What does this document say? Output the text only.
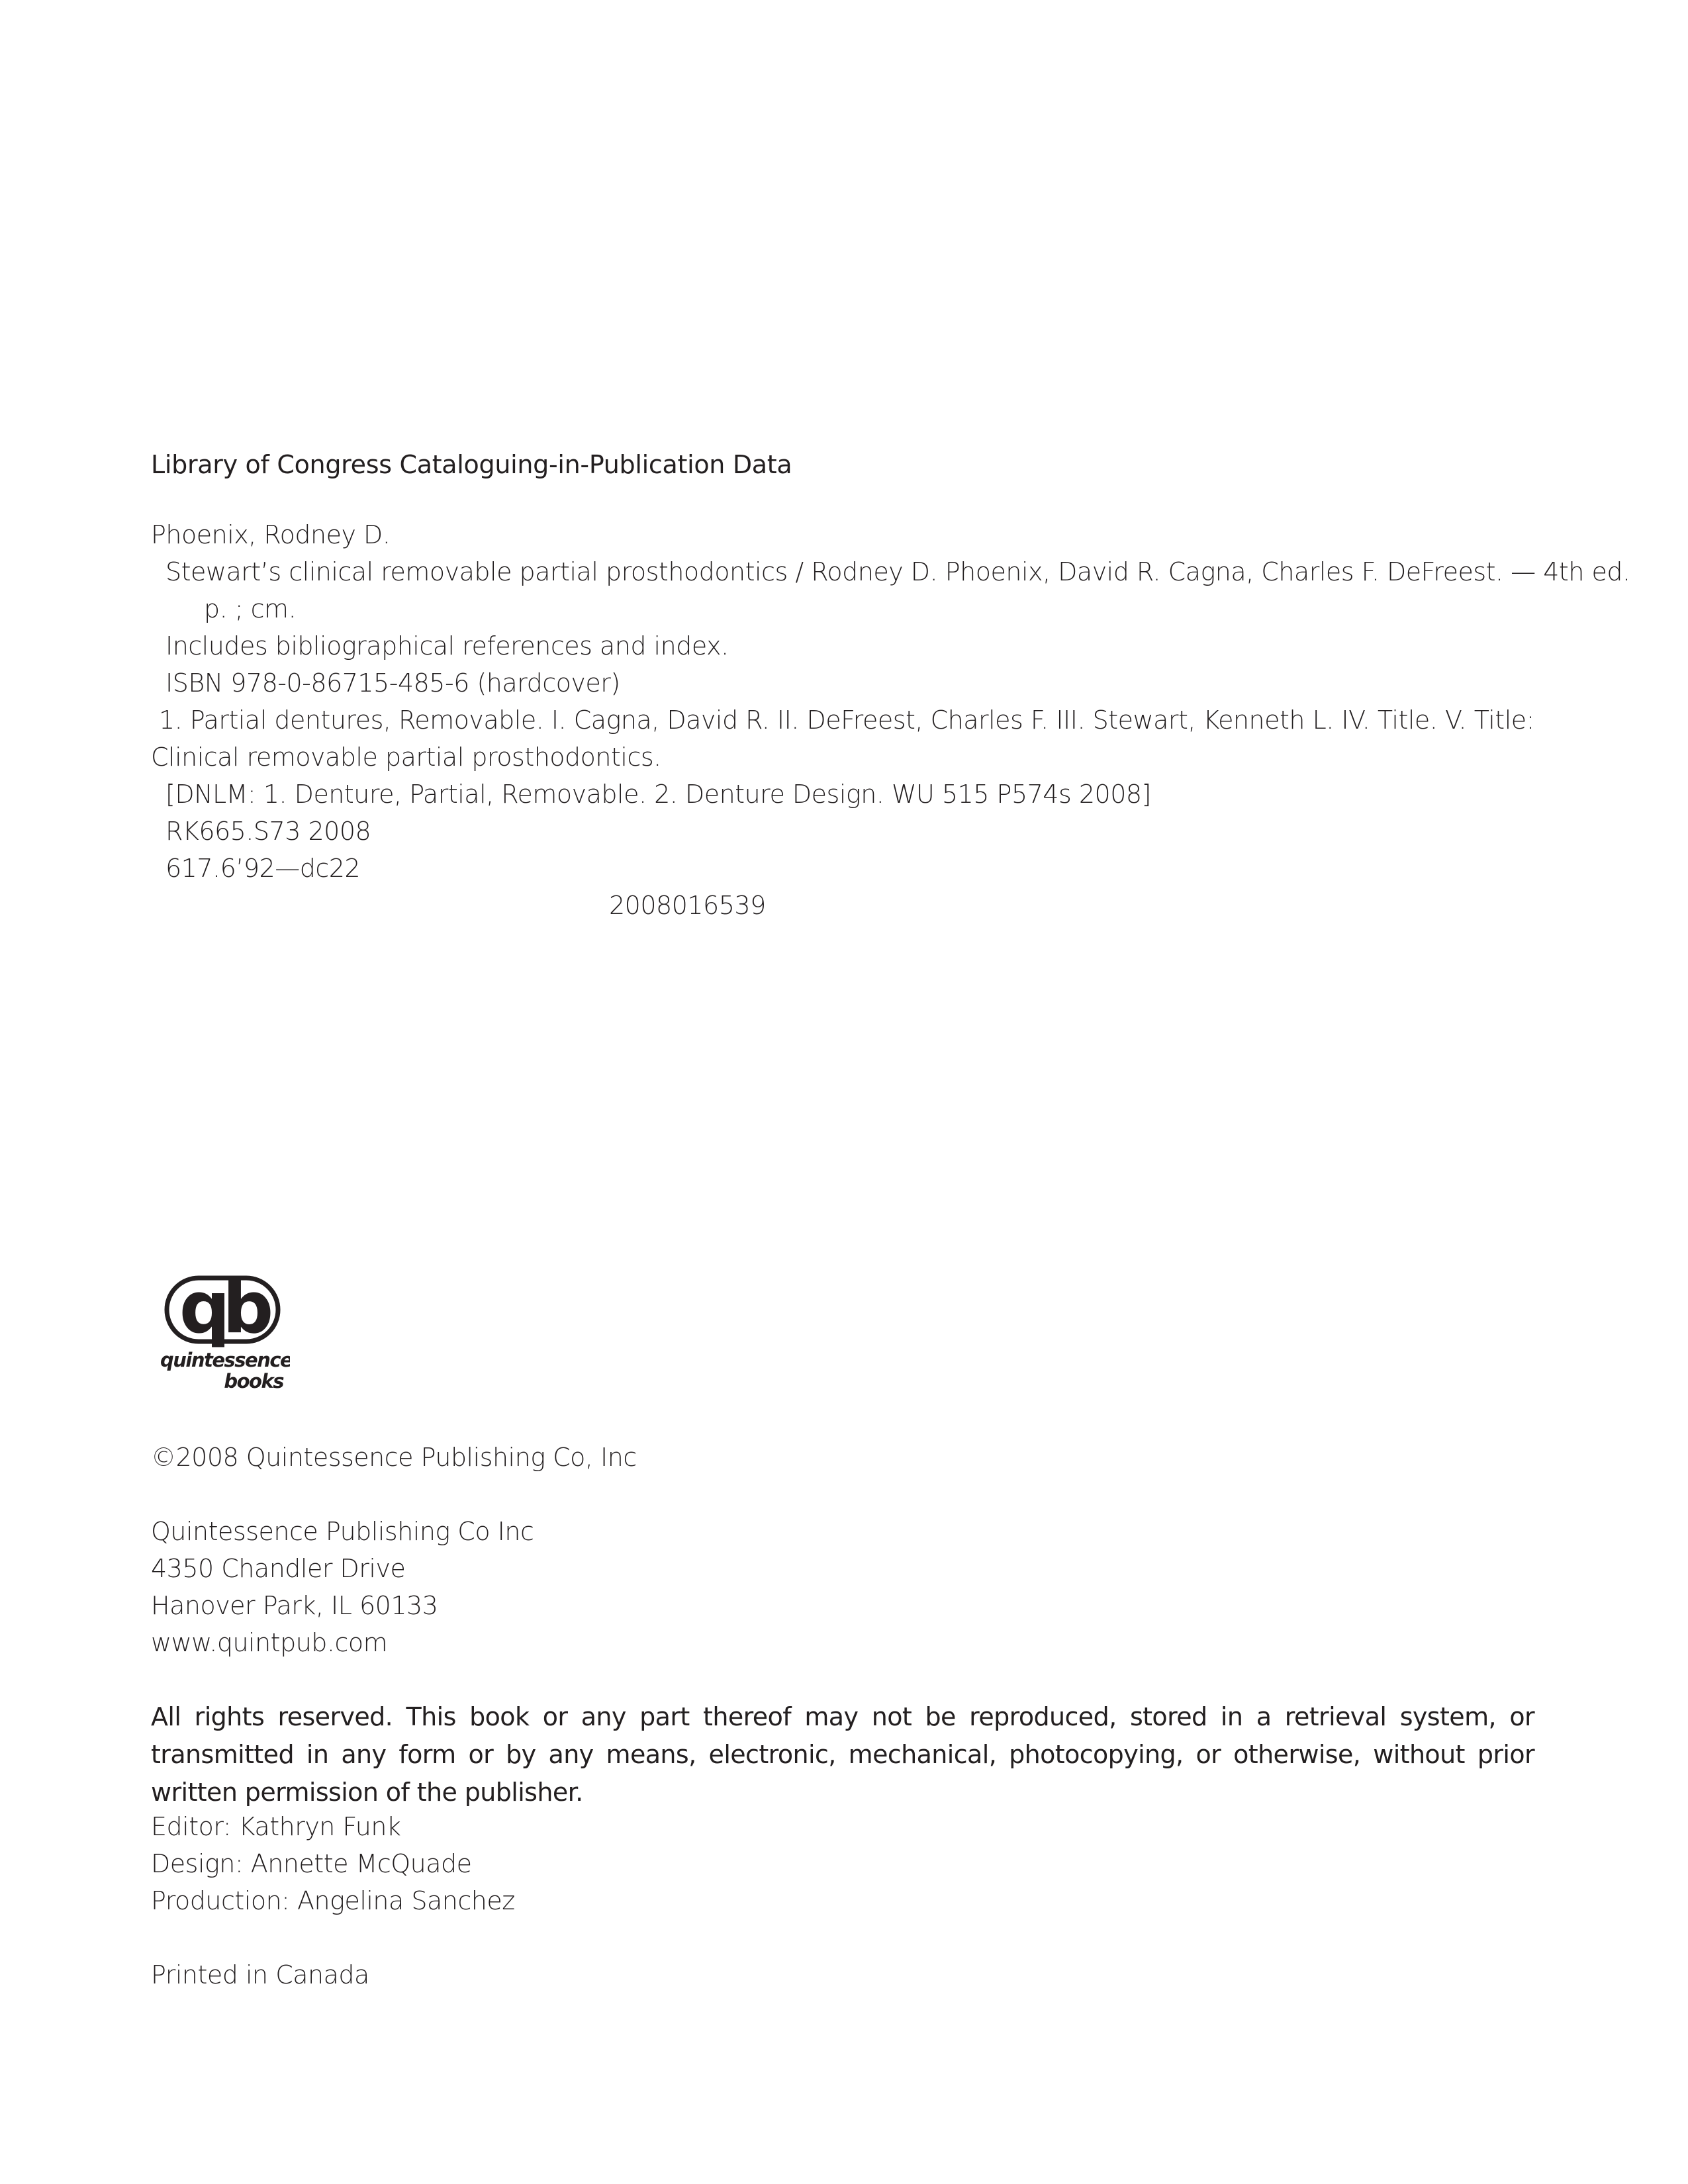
Library of Congress Cataloguing-in-Publication Data
Phoenix, Rodney D.
Stewart’s clinical removable partial prosthodontics / Rodney D. Phoenix, David R. Cagna, Charles F. DeFreest. — 4th ed.
p. ; cm.
Includes bibliographical references and index.
ISBN 978-0-86715-485-6 (hardcover)
1. Partial dentures, Removable. I. Cagna, David R. II. DeFreest, Charles F. III. Stewart, Kenneth L. IV. Title. V. Title:
Clinical removable partial prosthodontics.
[DNLM: 1. Denture, Partial, Removable. 2. Denture Design. WU 515 P574s 2008]
RK665.S73 2008
617.6’92—dc22
2008016539
qb
quintessence
books
©2008 Quintessence Publishing Co, Inc
Quintessence Publishing Co Inc
4350 Chandler Drive
Hanover Park, IL 60133
www.quintpub.com
All rights reserved. This book or any part thereof may not be reproduced, stored in a retrieval system, or transmitted in any form or by any means, electronic, mechanical, photocopying, or otherwise, without prior written permission of the publisher.
Editor: Kathryn Funk
Design: Annette McQuade
Production: Angelina Sanchez
Printed in Canada
